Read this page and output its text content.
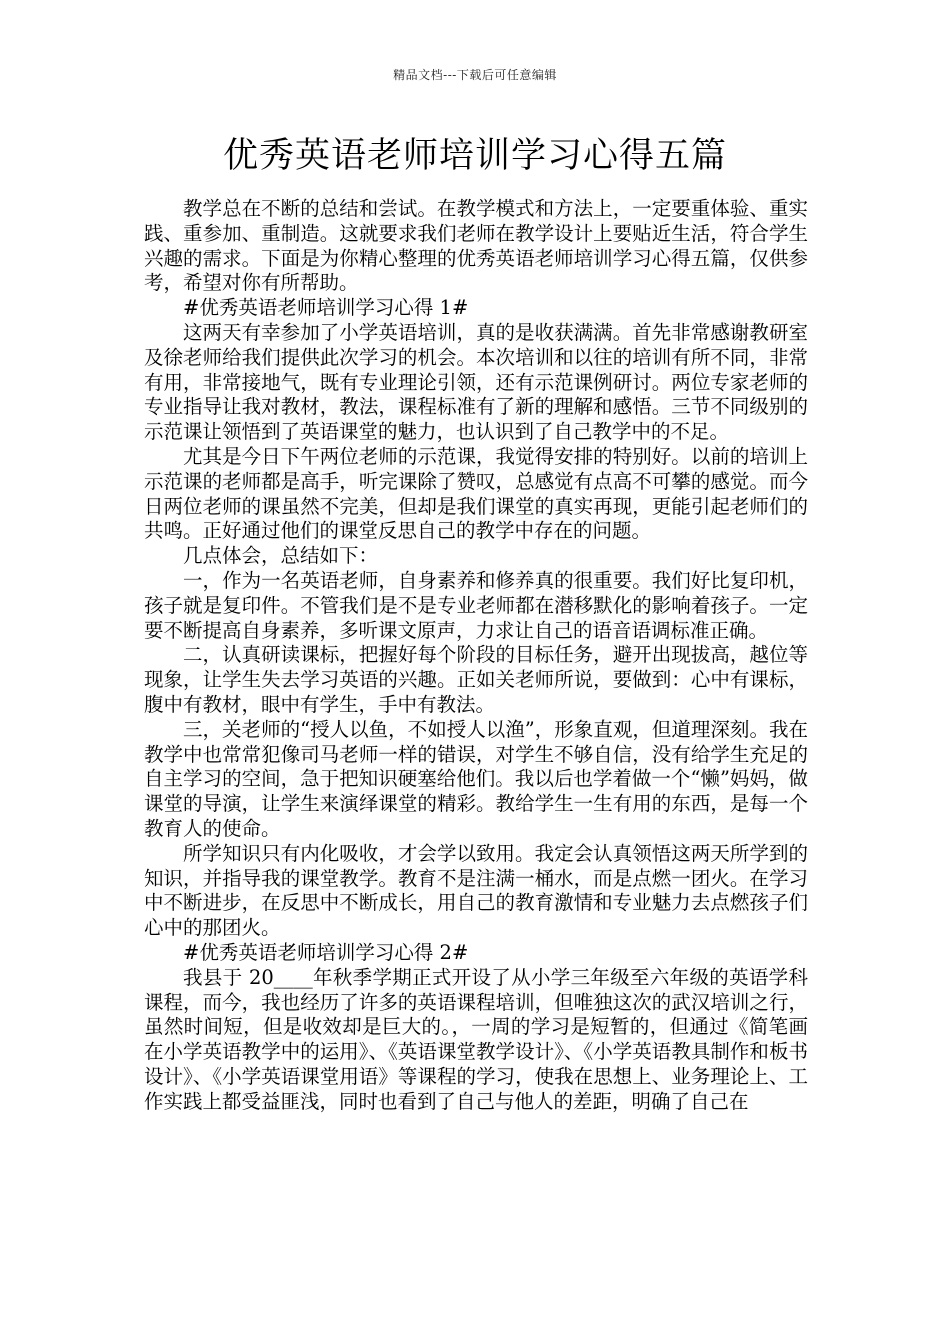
精品文档---下载后可任意编辑
优秀英语老师培训学习心得五篇

教学总在不断的总结和尝试。在教学模式和方法上，一定要重体验、重实践、重参加、重制造。这就要求我们老师在教学设计上要贴近生活，符合学生兴趣的需求。下面是为你精心整理的优秀英语老师培训学习心得五篇，仅供参考，希望对你有所帮助。

#优秀英语老师培训学习心得 1#

这两天有幸参加了小学英语培训，真的是收获满满。首先非常感谢教研室及徐老师给我们提供此次学习的机会。本次培训和以往的培训有所不同，非常有用，非常接地气，既有专业理论引领，还有示范课例研讨。两位专家老师的专业指导让我对教材，教法，课程标准有了新的理解和感悟。三节不同级别的示范课让领悟到了英语课堂的魅力，也认识到了自己教学中的不足。

尤其是今日下午两位老师的示范课，我觉得安排的特别好。以前的培训上示范课的老师都是高手，听完课除了赞叹，总感觉有点高不可攀的感觉。而今日两位老师的课虽然不完美，但却是我们课堂的真实再现，更能引起老师们的共鸣。正好通过他们的课堂反思自己的教学中存在的问题。

几点体会，总结如下：

一，作为一名英语老师，自身素养和修养真的很重要。我们好比复印机，孩子就是复印件。不管我们是不是专业老师都在潜移默化的影响着孩子。一定要不断提高自身素养，多听课文原声，力求让自己的语音语调标准正确。

二，认真研读课标，把握好每个阶段的目标任务，避开出现拔高，越位等现象，让学生失去学习英语的兴趣。正如关老师所说，要做到：心中有课标，腹中有教材，眼中有学生，手中有教法。

三，关老师的“授人以鱼，不如授人以渔”，形象直观，但道理深刻。我在教学中也常常犯像司马老师一样的错误，对学生不够自信，没有给学生充足的自主学习的空间，急于把知识硬塞给他们。我以后也学着做一个“懒”妈妈，做课堂的导演，让学生来演绎课堂的精彩。教给学生一生有用的东西，是每一个教育人的使命。

所学知识只有内化吸收，才会学以致用。我定会认真领悟这两天所学到的知识，并指导我的课堂教学。教育不是注满一桶水，而是点燃一团火。在学习中不断进步，在反思中不断成长，用自己的教育激情和专业魅力去点燃孩子们心中的那团火。

#优秀英语老师培训学习心得 2#

我县于 20____年秋季学期正式开设了从小学三年级至六年级的英语学科课程，而今，我也经历了许多的英语课程培训，但唯独这次的武汉培训之行，虽然时间短，但是收效却是巨大的。，一周的学习是短暂的，但通过《简笔画在小学英语教学中的运用》、《英语课堂教学设计》、《小学英语教具制作和板书设计》、《小学英语课堂用语》等课程的学习，使我在思想上、业务理论上、工作实践上都受益匪浅，同时也看到了自己与他人的差距，明确了自己在
